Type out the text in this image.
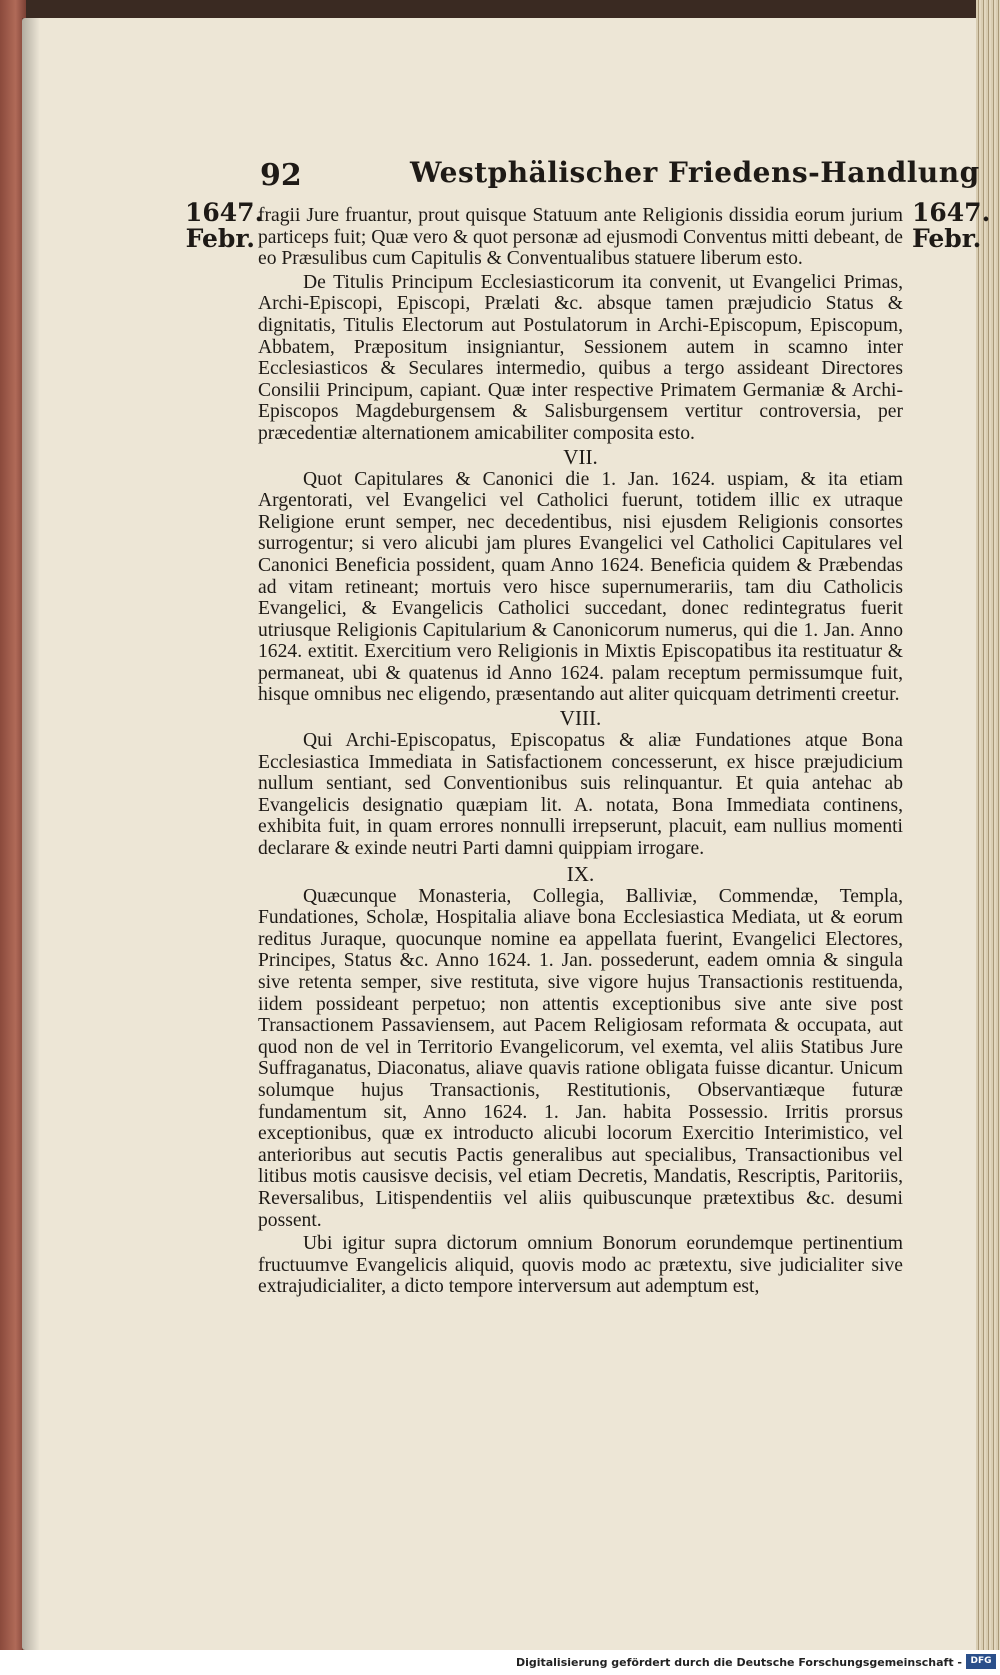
92	Westphälischer Friedens-Handlung
1647.
Febr.
1647.
Febr.

fragii Jure fruantur, prout quisque Statuum ante Religionis dissidia eorum jurium particeps fuit; Quæ vero & quot personæ ad ejusmodi Conventus mitti debeant, de eo Præsulibus cum Capitulis & Conventualibus statuere liberum esto.

De Titulis Principum Ecclesiasticorum ita convenit, ut Evangelici Primas, Archi-Episcopi, Episcopi, Prælati &c. absque tamen præjudicio Status & dignitatis, Titulis Electorum aut Postulatorum in Archi-Episcopum, Episcopum, Abbatem, Præpositum insigniantur, Sessionem autem in scamno inter Ecclesiasticos & Seculares intermedio, quibus a tergo assideant Directores Consilii Principum, capiant. Quæ inter respective Primatem Germaniæ & Archi-Episcopos Magdeburgensem & Salisburgensem vertitur controversia, per præcedentiæ alternationem amicabiliter composita esto.

VII.

Quot Capitulares & Canonici die 1. Jan. 1624. uspiam, & ita etiam Argentorati, vel Evangelici vel Catholici fuerunt, totidem illic ex utraque Religione erunt semper, nec decedentibus, nisi ejusdem Religionis consortes surrogentur; si vero alicubi jam plures Evangelici vel Catholici Capitulares vel Canonici Beneficia possident, quam Anno 1624. Beneficia quidem & Præbendas ad vitam retineant; mortuis vero hisce supernumerariis, tam diu Catholicis Evangelici, & Evangelicis Catholici succedant, donec redintegratus fuerit utriusque Religionis Capitularium & Canonicorum numerus, qui die 1. Jan. Anno 1624. extitit. Exercitium vero Religionis in Mixtis Episcopatibus ita restituatur & permaneat, ubi & quatenus id Anno 1624. palam receptum permissumque fuit, hisque omnibus nec eligendo, præsentando aut aliter quicquam detrimenti creetur.

VIII.

Qui Archi-Episcopatus, Episcopatus & aliæ Fundationes atque Bona Ecclesiastica Immediata in Satisfactionem concesserunt, ex hisce præjudicium nullum sentiant, sed Conventionibus suis relinquantur. Et quia antehac ab Evangelicis designatio quæpiam lit. A. notata, Bona Immediata continens, exhibita fuit, in quam errores nonnulli irrepserunt, placuit, eam nullius momenti declarare & exinde neutri Parti damni quippiam irrogare.

IX.

Quæcunque Monasteria, Collegia, Balliviæ, Commendæ, Templa, Fundationes, Scholæ, Hospitalia aliave bona Ecclesiastica Mediata, ut & eorum reditus Juraque, quocunque nomine ea appellata fuerint, Evangelici Electores, Principes, Status &c. Anno 1624. 1. Jan. possederunt, eadem omnia & singula sive retenta semper, sive restituta, sive vigore hujus Transactionis restituenda, iidem possideant perpetuo; non attentis exceptionibus sive ante sive post Transactionem Passaviensem, aut Pacem Religiosam reformata & occupata, aut quod non de vel in Territorio Evangelicorum, vel exemta, vel aliis Statibus Jure Suffraganatus, Diaconatus, aliave quavis ratione obligata fuisse dicantur. Unicum solumque hujus Transactionis, Restitutionis, Observantiæque futuræ fundamentum sit, Anno 1624. 1. Jan. habita Possessio. Irritis prorsus exceptionibus, quæ ex introducto alicubi locorum Exercitio Interimistico, vel anterioribus aut secutis Pactis generalibus aut specialibus, Transactionibus vel litibus motis causisve decisis, vel etiam Decretis, Mandatis, Rescriptis, Paritoriis, Reversalibus, Litispendentiis vel aliis quibuscunque prætextibus &c. desumi possent.

Ubi igitur supra dictorum omnium Bonorum eorundemque pertinentium fructuumve Evangelicis aliquid, quovis modo ac prætextu, sive judicialiter sive extrajudicialiter, a dicto tempore interversum aut ademptum est,

Digitalisierung gefördert durch die Deutsche Forschungsgemeinschaft - DFG
